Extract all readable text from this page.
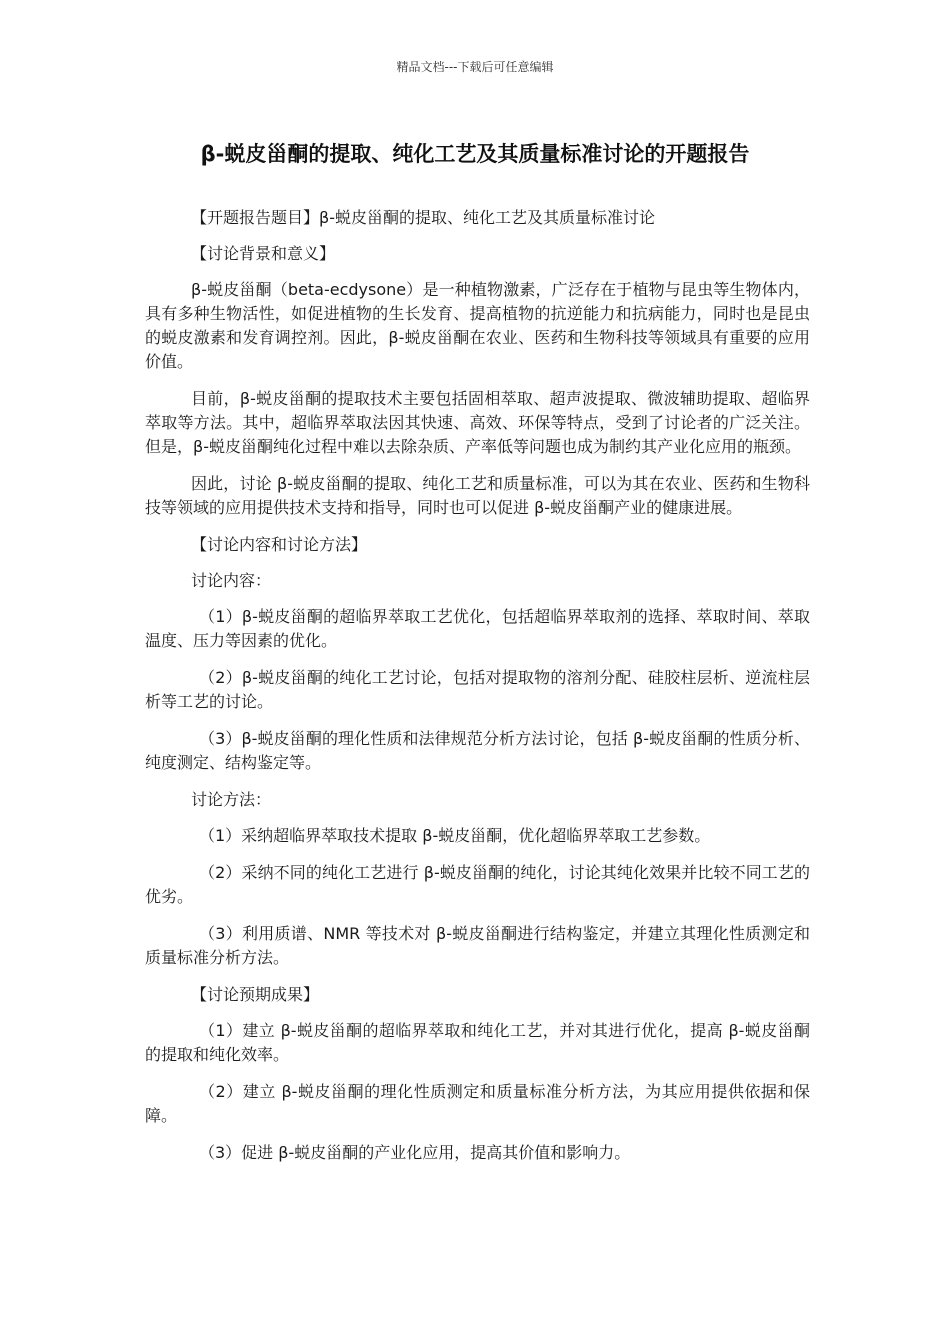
精品文档---下载后可任意编辑
β-蜕皮甾酮的提取、纯化工艺及其质量标准讨论的开题报告

【开题报告题目】β-蜕皮甾酮的提取、纯化工艺及其质量标准讨论

【讨论背景和意义】

β-蜕皮甾酮（beta-ecdysone）是一种植物激素，广泛存在于植物与昆虫等生物体内，具有多种生物活性，如促进植物的生长发育、提高植物的抗逆能力和抗病能力，同时也是昆虫的蜕皮激素和发育调控剂。因此，β-蜕皮甾酮在农业、医药和生物科技等领域具有重要的应用价值。

目前，β-蜕皮甾酮的提取技术主要包括固相萃取、超声波提取、微波辅助提取、超临界萃取等方法。其中，超临界萃取法因其快速、高效、环保等特点，受到了讨论者的广泛关注。但是，β-蜕皮甾酮纯化过程中难以去除杂质、产率低等问题也成为制约其产业化应用的瓶颈。

因此，讨论 β-蜕皮甾酮的提取、纯化工艺和质量标准，可以为其在农业、医药和生物科技等领域的应用提供技术支持和指导，同时也可以促进 β-蜕皮甾酮产业的健康进展。

【讨论内容和讨论方法】

讨论内容：

（1）β-蜕皮甾酮的超临界萃取工艺优化，包括超临界萃取剂的选择、萃取时间、萃取温度、压力等因素的优化。

（2）β-蜕皮甾酮的纯化工艺讨论，包括对提取物的溶剂分配、硅胶柱层析、逆流柱层析等工艺的讨论。

（3）β-蜕皮甾酮的理化性质和法律规范分析方法讨论，包括 β-蜕皮甾酮的性质分析、纯度测定、结构鉴定等。

讨论方法：

（1）采纳超临界萃取技术提取 β-蜕皮甾酮，优化超临界萃取工艺参数。

（2）采纳不同的纯化工艺进行 β-蜕皮甾酮的纯化，讨论其纯化效果并比较不同工艺的优劣。

（3）利用质谱、NMR 等技术对 β-蜕皮甾酮进行结构鉴定，并建立其理化性质测定和质量标准分析方法。

【讨论预期成果】

（1）建立 β-蜕皮甾酮的超临界萃取和纯化工艺，并对其进行优化，提高 β-蜕皮甾酮的提取和纯化效率。

（2）建立 β-蜕皮甾酮的理化性质测定和质量标准分析方法，为其应用提供依据和保障。

（3）促进 β-蜕皮甾酮的产业化应用，提高其价值和影响力。
